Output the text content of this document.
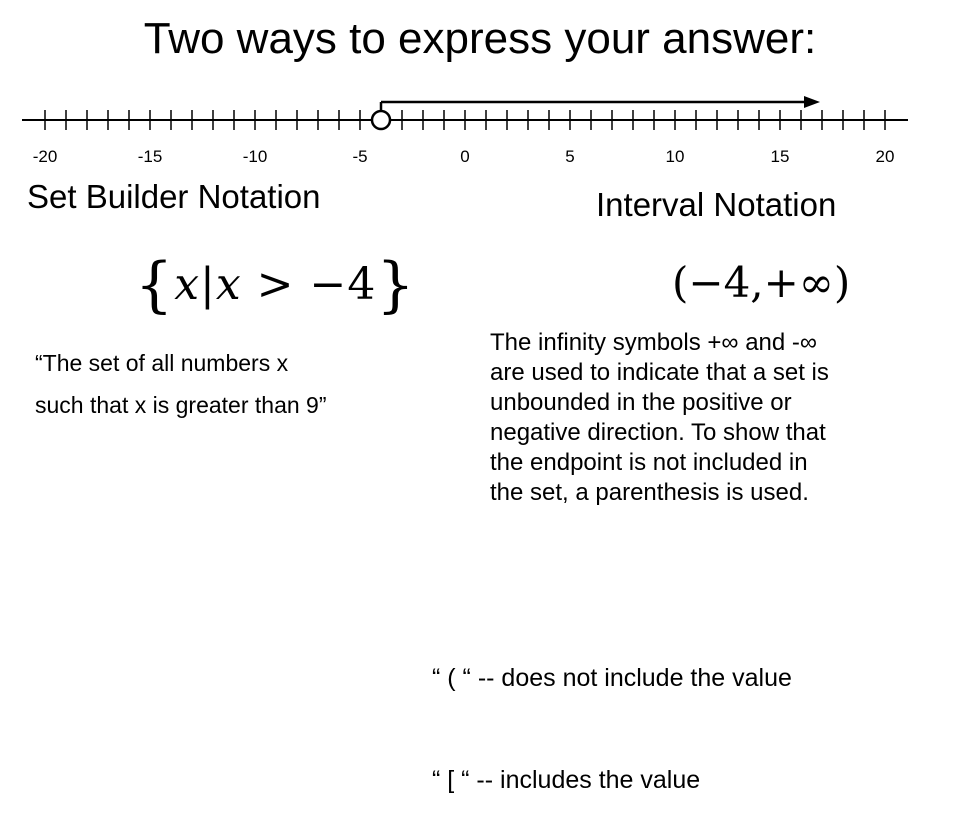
Two ways to express your answer:
-20	-15	-10	-5	0	5	10	15	20
Set Builder Notation	Interval Notation
{x|x > −4}	(−4,+∞)
“The set of all numbers x
such that x is greater than 9”
The infinity symbols +∞ and -∞
are used to indicate that a set is
unbounded in the positive or
negative direction. To show that
the endpoint is not included in
the set, a parenthesis is used.

“ ( “ -- does not include the value

“ [ “ -- includes the value
